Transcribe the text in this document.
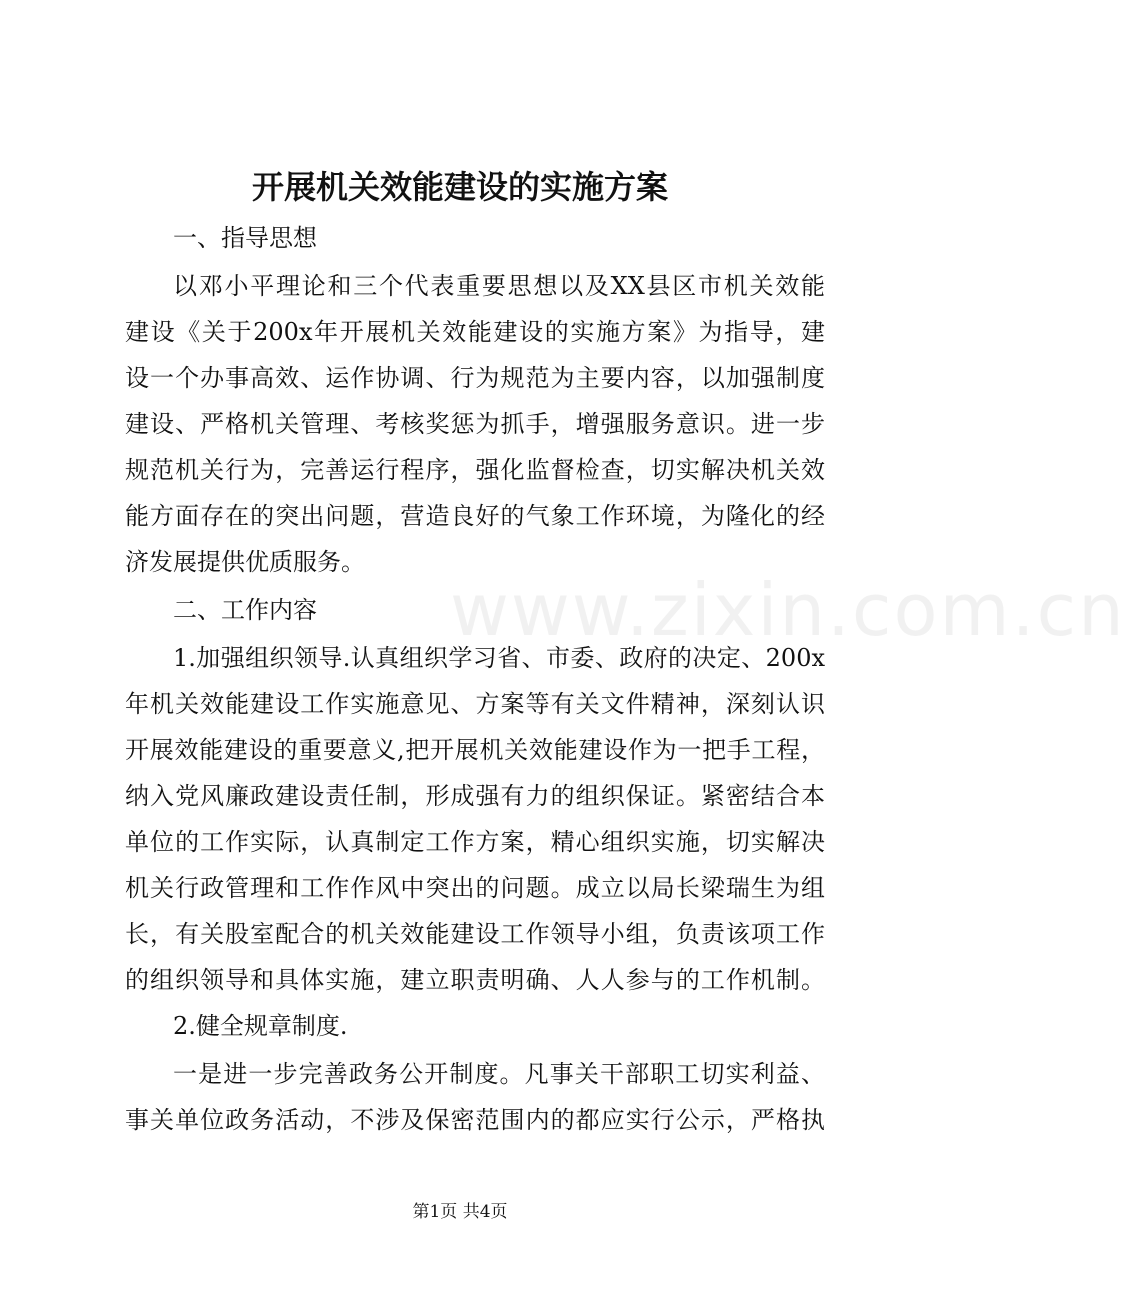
www.zixin.com.cn
开展机关效能建设的实施方案
一、指导思想
以邓小平理论和三个代表重要思想以及XX县区市机关效能
建设《关于200x年开展机关效能建设的实施方案》为指导，建
设一个办事高效、运作协调、行为规范为主要内容，以加强制度
建设、严格机关管理、考核奖惩为抓手，增强服务意识。进一步
规范机关行为，完善运行程序，强化监督检查，切实解决机关效
能方面存在的突出问题，营造良好的气象工作环境，为隆化的经
济发展提供优质服务。
二、工作内容
1.加强组织领导.认真组织学习省、市委、政府的决定、200x
年机关效能建设工作实施意见、方案等有关文件精神，深刻认识
开展效能建设的重要意义,把开展机关效能建设作为一把手工程，
纳入党风廉政建设责任制，形成强有力的组织保证。紧密结合本
单位的工作实际，认真制定工作方案，精心组织实施，切实解决
机关行政管理和工作作风中突出的问题。成立以局长梁瑞生为组
长，有关股室配合的机关效能建设工作领导小组，负责该项工作
的组织领导和具体实施，建立职责明确、人人参与的工作机制。
2.健全规章制度.
一是进一步完善政务公开制度。凡事关干部职工切实利益、
事关单位政务活动，不涉及保密范围内的都应实行公示，严格执
第1页 共4页
